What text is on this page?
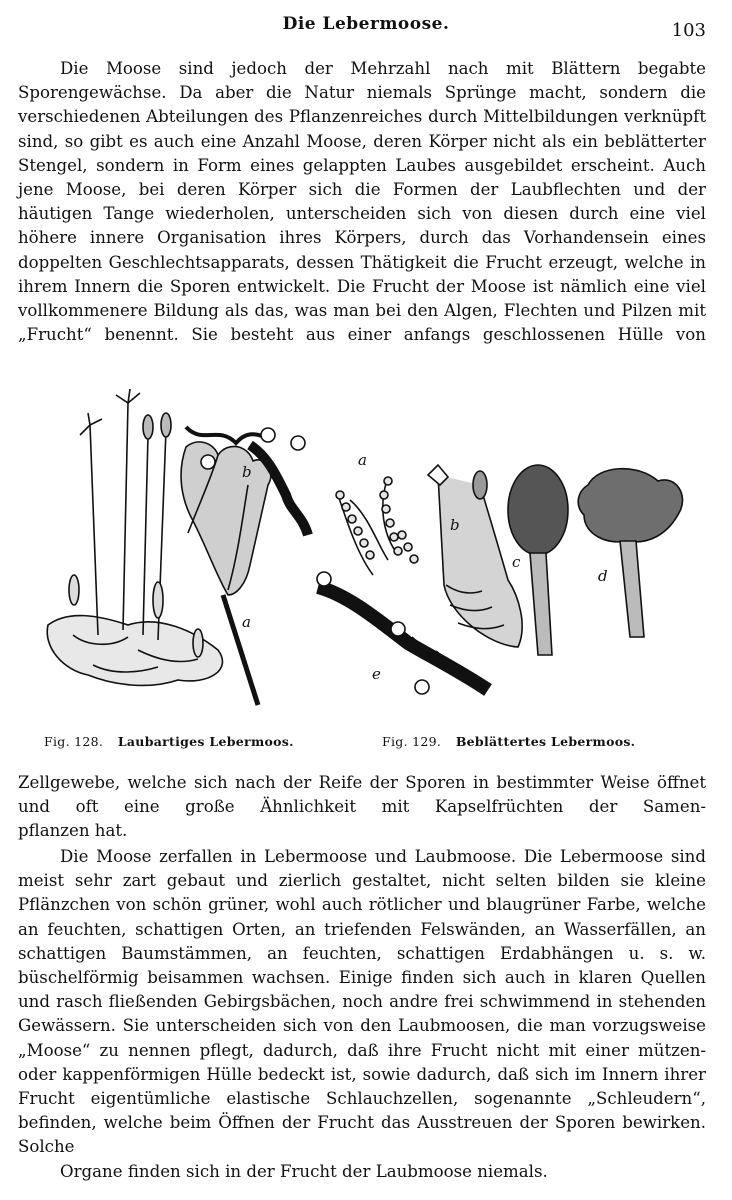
Die Lebermoose.	103

Die Moose sind jedoch der Mehrzahl nach mit Blättern begabte Sporengewächse. Da aber die Natur niemals Sprünge macht, sondern die verschiedenen Abteilungen des Pflanzenreiches durch Mittelbildungen verknüpft sind, so gibt es auch eine Anzahl Moose, deren Körper nicht als ein beblätterter Stengel, sondern in Form eines gelappten Laubes ausgebildet erscheint. Auch jene Moose, bei deren Körper sich die Formen der Laubflechten und der häutigen Tange wiederholen, unterscheiden sich von diesen durch eine viel höhere innere Organisation ihres Körpers, durch das Vorhandensein eines doppelten Geschlechtsapparats, dessen Thätigkeit die Frucht erzeugt, welche in ihrem Innern die Sporen entwickelt. Die Frucht der Moose ist nämlich eine viel vollkommenere Bildung als das, was man bei den Algen, Flechten und Pilzen mit „Frucht“ benennt. Sie besteht aus einer anfangs geschlossenen Hülle von

a
b
a
b
c
d
e
Fig. 128. Laubartiges Lebermoos.	Fig. 129. Beblättertes Lebermoos.
Zellgewebe, welche sich nach der Reife der Sporen in bestimmter Weise öffnet und oft eine große Ähnlichkeit mit Kapselfrüchten der Samen-
pflanzen hat.
Die Moose zerfallen in Lebermoose und Laubmoose. Die Lebermoose sind meist sehr zart gebaut und zierlich gestaltet, nicht selten bilden sie kleine Pflänzchen von schön grüner, wohl auch rötlicher und blaugrüner Farbe, welche an feuchten, schattigen Orten, an triefenden Felswänden, an Wasserfällen, an schattigen Baumstämmen, an feuchten, schattigen Erdabhängen u. s. w. büschelförmig beisammen wachsen. Einige finden sich auch in klaren Quellen und rasch fließenden Gebirgsbächen, noch andre frei schwimmend in stehenden Gewässern. Sie unterscheiden sich von den Laubmoosen, die man vorzugsweise „Moose“ zu nennen pflegt, dadurch, daß ihre Frucht nicht mit einer mützen- oder kappenförmigen Hülle bedeckt ist, sowie dadurch, daß sich im Innern ihrer Frucht eigentümliche elastische Schlauchzellen, sogenannte „Schleudern“, befinden, welche beim Öffnen der Frucht das Ausstreuen der Sporen bewirken. Solche
Organe finden sich in der Frucht der Laubmoose niemals.
